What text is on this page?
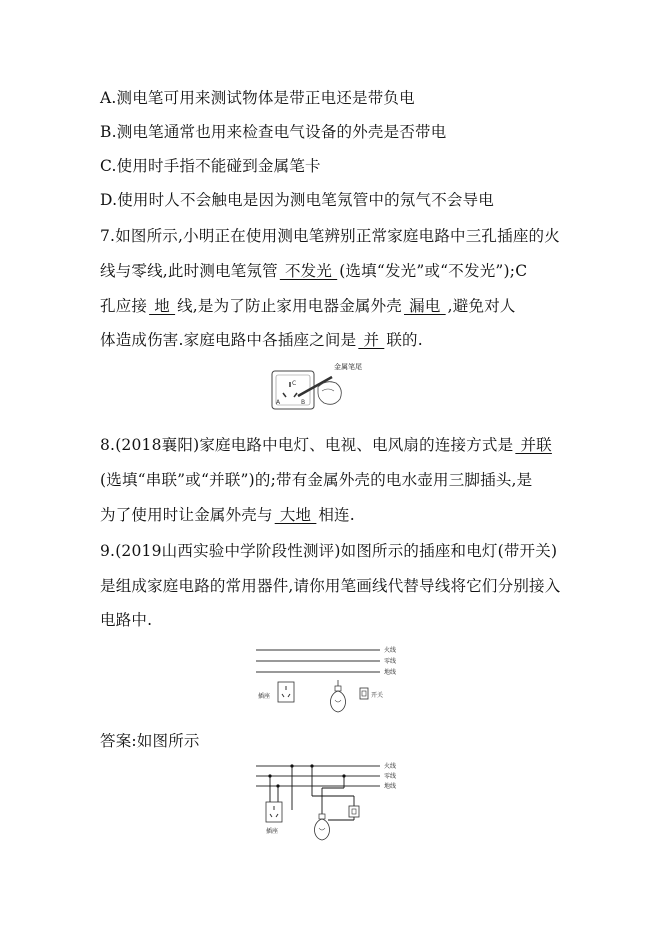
A.测电笔可用来测试物体是带正电还是带负电
B.测电笔通常也用来检查电气设备的外壳是否带电
C.使用时手指不能碰到金属笔卡
D.使用时人不会触电是因为测电笔氖管中的氖气不会导电
7.如图所示,小明正在使用测电笔辨别正常家庭电路中三孔插座的火
线与零线,此时测电笔氖管 不发光 (选填“发光”或“不发光”);C
孔应接 地 线,是为了防止家用电器金属外壳 漏电 ,避免对人
体造成伤害.家庭电路中各插座之间是 并 联的.
C
A	B
金属笔尾
8.(2018襄阳)家庭电路中电灯、电视、电风扇的连接方式是 并联
(选填“串联”或“并联”)的;带有金属外壳的电水壶用三脚插头,是
为了使用时让金属外壳与 大地 相连.
9.(2019山西实验中学阶段性测评)如图所示的插座和电灯(带开关)
是组成家庭电路的常用器件,请你用笔画线代替导线将它们分别接入
电路中.
火线
零线
地线
插座	开关
答案:如图所示
火线
零线
地线
插座
